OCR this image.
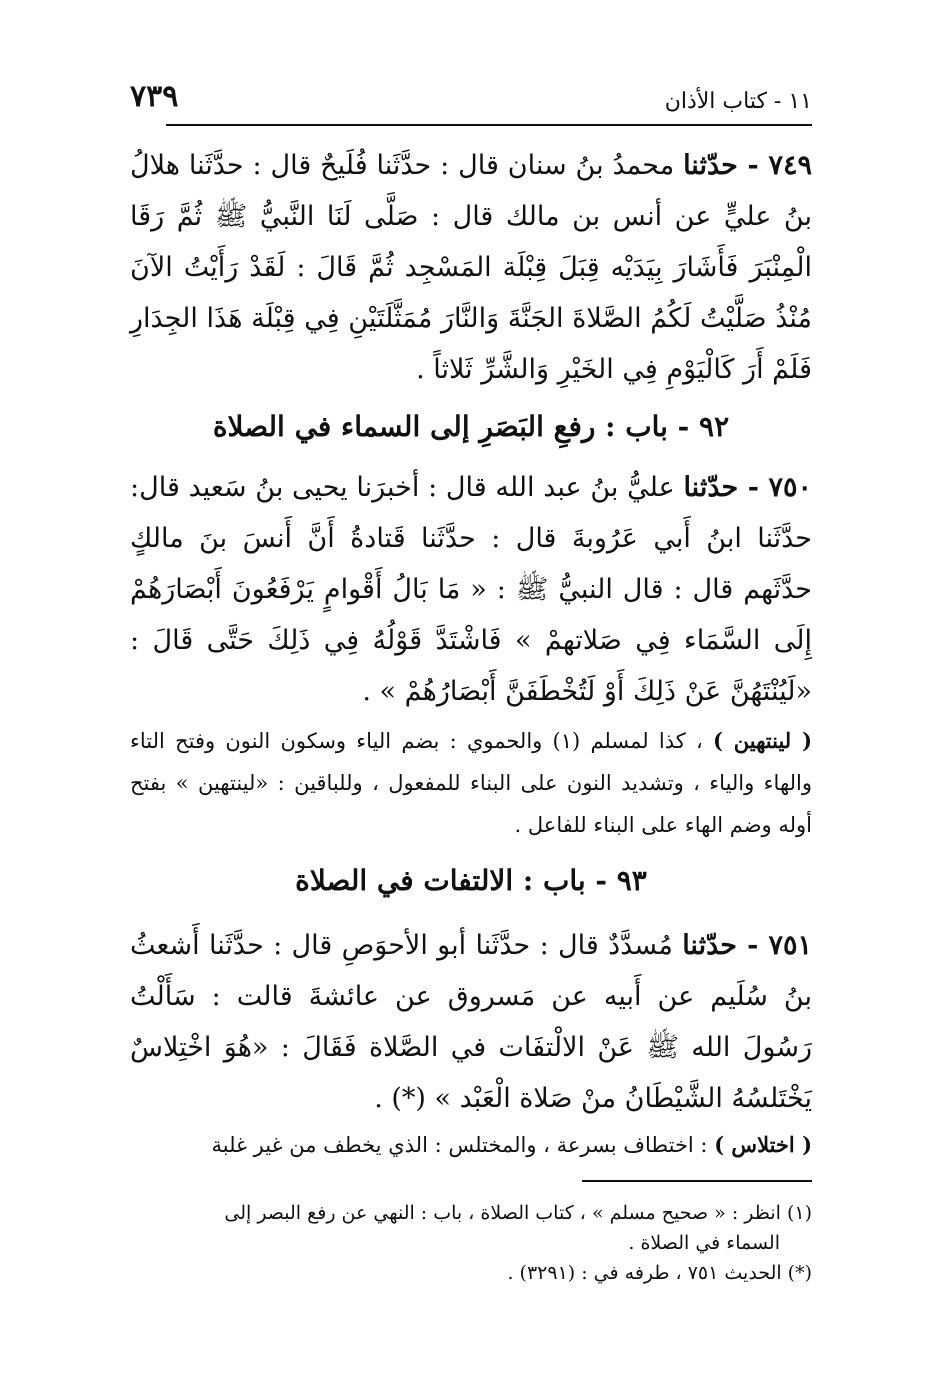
٧٣٩	١١ - كتاب الأذان
٧٤٩ - حدّثنا محمدُ بنُ سنان قال : حدَّثَنا فُلَيحٌ قال : حدَّثَنا هلالُ بنُ عليٍّ عن أنس بن مالك قال : صَلَّى لَنَا النَّبيُّ ﷺ ثُمَّ رَقَا الْمِنْبَرَ فَأَشَارَ بِيَدَيْه قِبَلَ قِبْلَة المَسْجِد ثُمَّ قَالَ : لَقَدْ رَأَيْتُ الآنَ مُنْذُ صَلَّيْتُ لَكُمُ الصَّلاةَ الجَنَّةَ وَالنَّارَ مُمَثَّلَتَيْنِ فِي قِبْلَة هَذَا الجِدَارِ فَلَمْ أَرَ كَالْيَوْمِ فِي الخَيْرِ وَالشَّرِّ ثَلاثاً .
٩٢ - باب : رفعِ البَصَرِ إلى السماء في الصلاة
٧٥٠ - حدّثنا عليُّ بنُ عبد الله قال : أخبرَنا يحيى بنُ سَعيد قال: حدَّثَنا ابنُ أَبي عَرُوبةَ قال : حدَّثَنا قَتادةُ أَنَّ أَنسَ بنَ مالكٍ حدَّثَهم قال : قال النبيُّ ﷺ : « مَا بَالُ أَقْوامٍ يَرْفَعُونَ أَبْصَارَهُمْ إِلَى السَّمَاء فِي صَلاتهمْ » فَاشْتَدَّ قَوْلُهُ فِي ذَلِكَ حَتَّى قَالَ : «لَيُنْتَهُنَّ عَنْ ذَلِكَ أَوْ لَتُخْطَفَنَّ أَبْصَارُهُمْ » .
( لينتهين ) ، كذا لمسلم (١) والحموي : بضم الياء وسكون النون وفتح التاء والهاء والياء ، وتشديد النون على البناء للمفعول ، وللباقين : «لينتهين » بفتح أوله وضم الهاء على البناء للفاعل .
٩٣ - باب : الالتفات في الصلاة
٧٥١ - حدّثنا مُسدَّدٌ قال : حدَّثَنا أبو الأحوَصِ قال : حدَّثَنا أَشعثُ بنُ سُلَيم عن أَبيه عن مَسروق عن عائشةَ قالت : سَأَلْتُ رَسُولَ الله ﷺ عَنْ الالْتفَات في الصَّلاة فَقَالَ : «هُوَ اخْتِلاسٌ يَخْتَلسُهُ الشَّيْطَانُ منْ صَلاة الْعَبْد » (*) .
( اختلاس ) : اختطاف بسرعة ، والمختلس : الذي يخطف من غير غلبة

(١) انظر : « صحيح مسلم » ، كتاب الصلاة ، باب : النهي عن رفع البصر إلى

السماء في الصلاة .

(*) الحديث ٧٥١ ، طرفه في : (٣٢٩١) .
